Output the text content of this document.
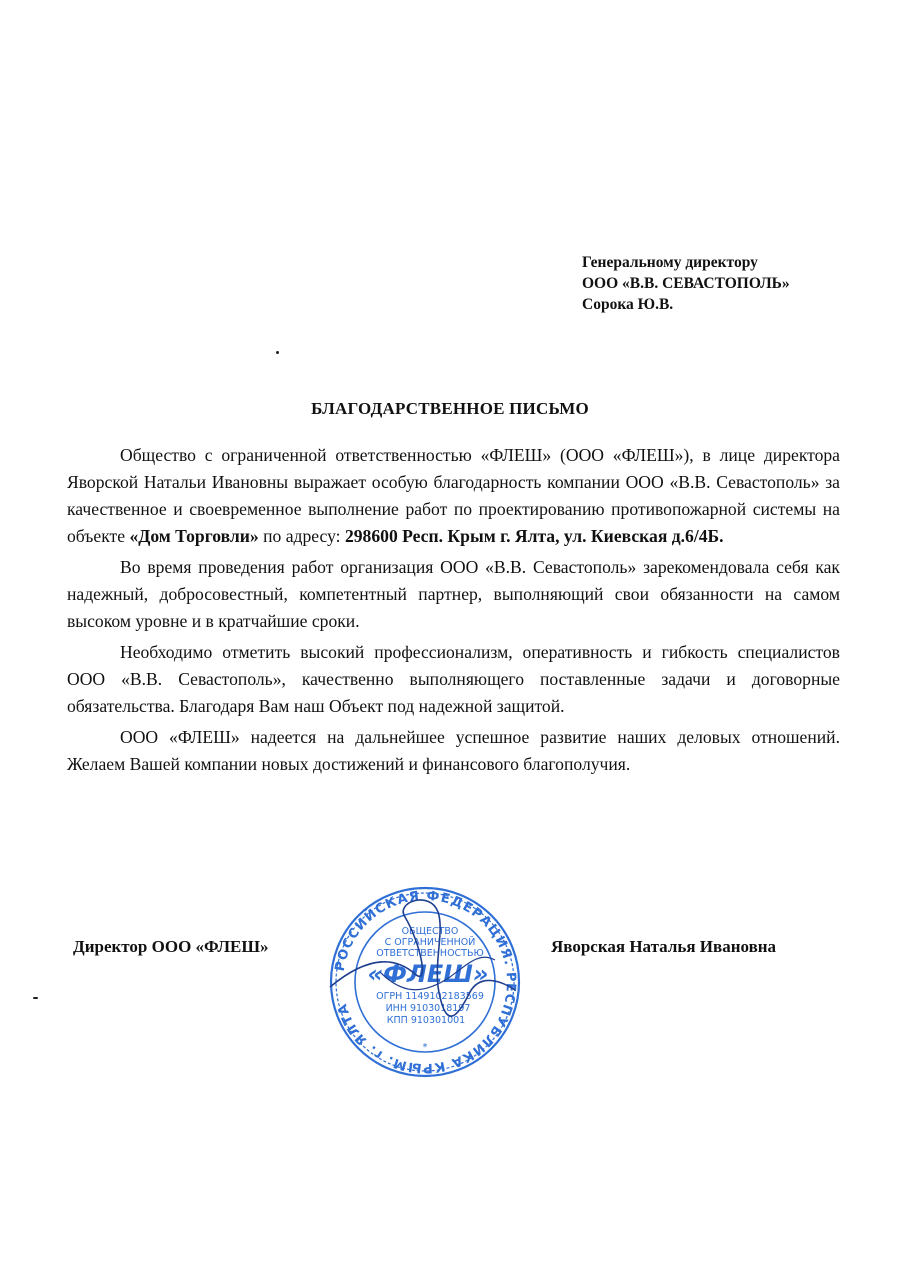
Генеральному директору
ООО «В.В. СЕВАСТОПОЛЬ»
Сорока Ю.В.
БЛАГОДАРСТВЕННОЕ ПИСЬМО

Общество с ограниченной ответственностью «ФЛЕШ» (ООО «ФЛЕШ»), в лице директора Яворской Натальи Ивановны выражает особую благодарность компании ООО «В.В. Севастополь» за качественное и своевременное выполнение работ по проектированию противопожарной системы на объекте «Дом Торговли» по адресу: 298600 Респ. Крым г. Ялта, ул. Киевская д.6/4Б.

Во время проведения работ организация ООО «В.В. Севастополь» зарекомендовала себя как надежный, добросовестный, компетентный партнер, выполняющий свои обязанности на самом высоком уровне и в кратчайшие сроки.

Необходимо отметить высокий профессионализм, оперативность и гибкость специалистов ООО «В.В. Севастополь», качественно выполняющего поставленные задачи и договорные обязательства. Благодаря Вам наш Объект под надежной защитой.

ООО «ФЛЕШ» надеется на дальнейшее успешное развитие наших деловых отношений. Желаем Вашей компании новых достижений и финансового благополучия.

Директор ООО «ФЛЕШ»	Яворская Наталья Ивановна
РОССИЙСКАЯ ФЕДЕРАЦИЯ. РЕСПУБЛИКА КРЫМ. г. ЯЛТА
ОБЩЕСТВО
С ОГРАНИЧЕННОЙ
ОТВЕТСТВЕННОСТЬЮ
«ФЛЕШ»
ОГРН 1149102183569
ИНН 9103018197
КПП 910301001
*
